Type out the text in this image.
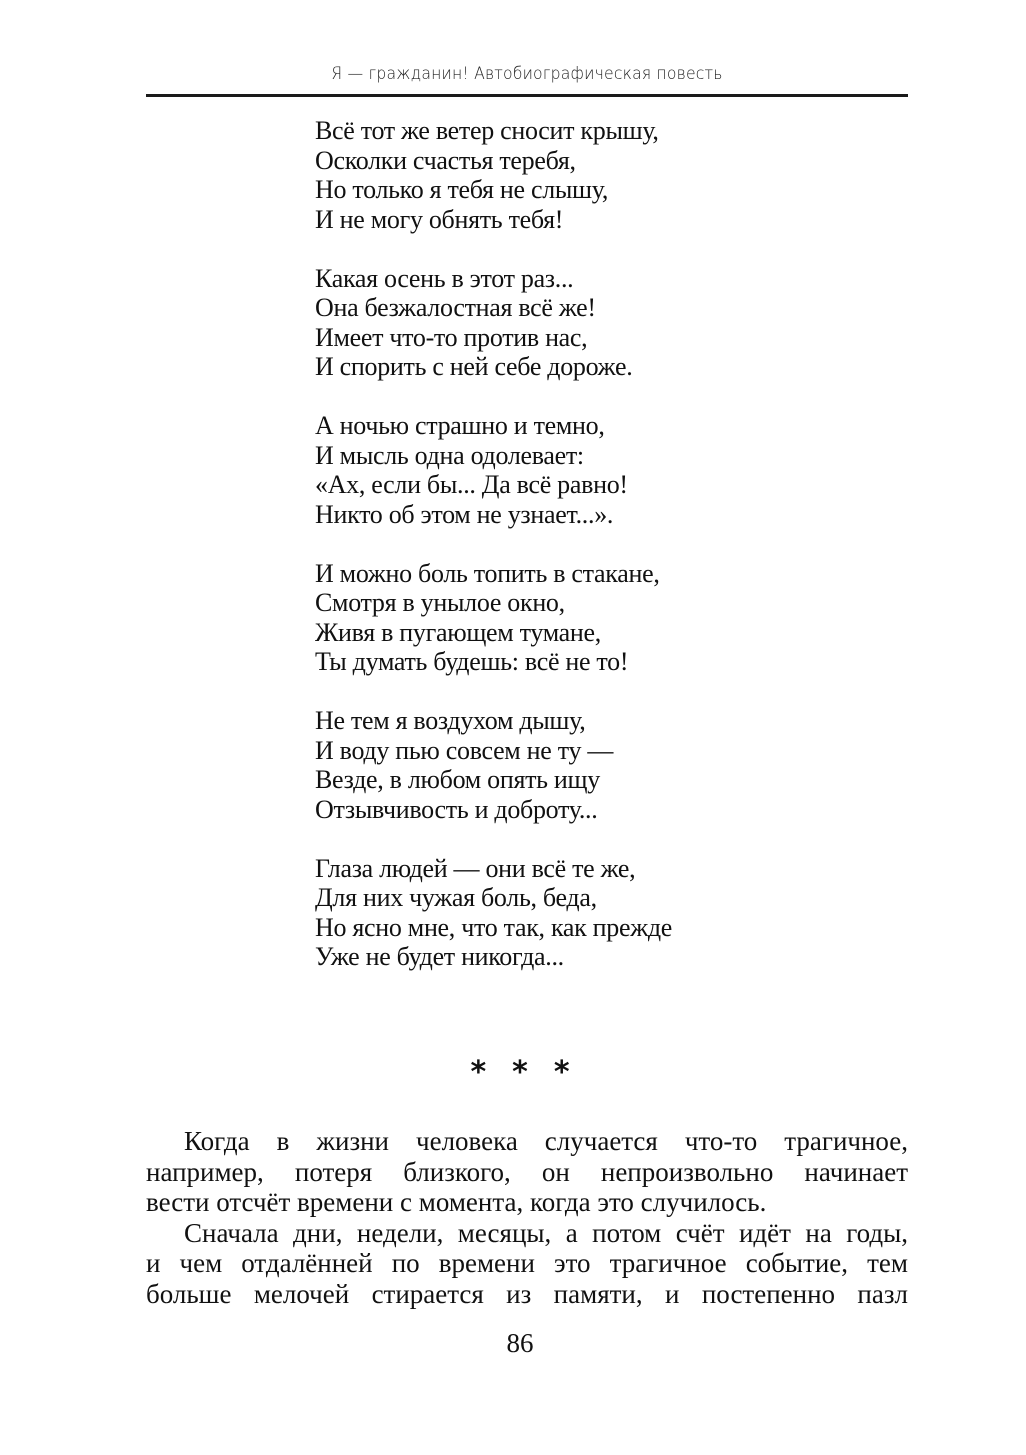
Я — гражданин! Автобиографическая повесть
Всё тот же ветер сносит крышу,
Осколки счастья теребя,
Но только я тебя не слышу,
И не могу обнять тебя!
Какая осень в этот раз...
Она безжалостная всё же!
Имеет что-то против нас,
И спорить с ней себе дороже.
А ночью страшно и темно,
И мысль одна одолевает:
«Ах, если бы... Да всё равно!
Никто об этом не узнает...».
И можно боль топить в стакане,
Смотря в унылое окно,
Живя в пугающем тумане,
Ты думать будешь: всё не то!
Не тем я воздухом дышу,
И воду пью совсем не ту —
Везде, в любом опять ищу
Отзывчивость и доброту...
Глаза людей — они всё те же,
Для них чужая боль, беда,
Но ясно мне, что так, как прежде
Уже не будет никогда...
***

Когда в жизни человека случается что-то трагичное,
например, потеря близкого, он непроизвольно начинает
вести отсчёт времени с момента, когда это случилось.

Сначала дни, недели, месяцы, а потом счёт идёт на годы,
и чем отдалённей по времени это трагичное событие, тем
больше мелочей стирается из памяти, и постепенно пазл

86
